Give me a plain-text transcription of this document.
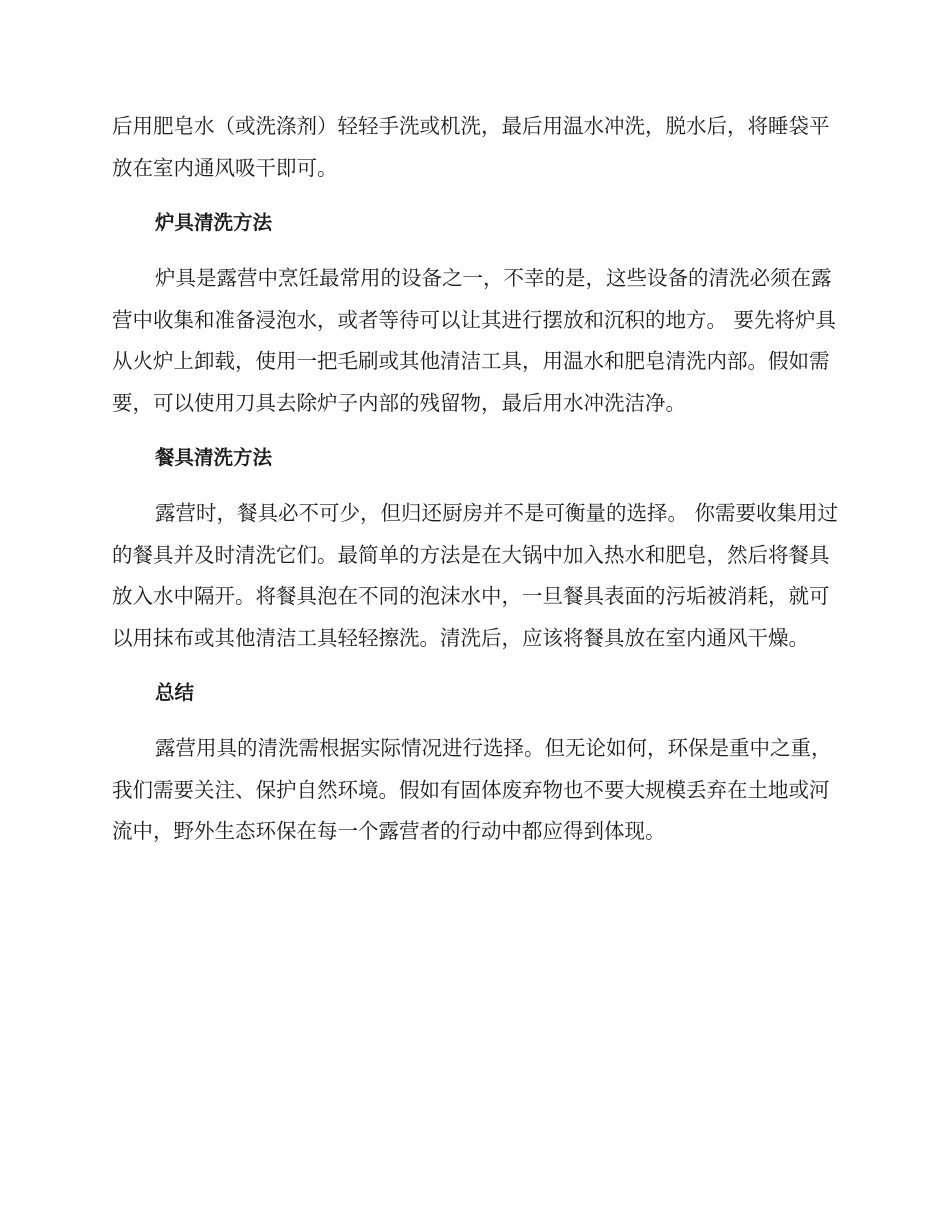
后用肥皂水（或洗涤剂）轻轻手洗或机洗，最后用温水冲洗，脱水后，将睡袋平放在室内通风吸干即可。

炉具清洗方法

炉具是露营中烹饪最常用的设备之一，不幸的是，这些设备的清洗必须在露营中收集和准备浸泡水，或者等待可以让其进行摆放和沉积的地方。 要先将炉具从火炉上卸载，使用一把毛刷或其他清洁工具，用温水和肥皂清洗内部。假如需要，可以使用刀具去除炉子内部的残留物，最后用水冲洗洁净。

餐具清洗方法

露营时，餐具必不可少，但归还厨房并不是可衡量的选择。 你需要收集用过的餐具并及时清洗它们。最简单的方法是在大锅中加入热水和肥皂，然后将餐具放入水中隔开。将餐具泡在不同的泡沫水中，一旦餐具表面的污垢被消耗，就可以用抹布或其他清洁工具轻轻擦洗。清洗后，应该将餐具放在室内通风干燥。

总结

露营用具的清洗需根据实际情况进行选择。但无论如何，环保是重中之重，我们需要关注、保护自然环境。假如有固体废弃物也不要大规模丢弃在土地或河流中，野外生态环保在每一个露营者的行动中都应得到体现。
